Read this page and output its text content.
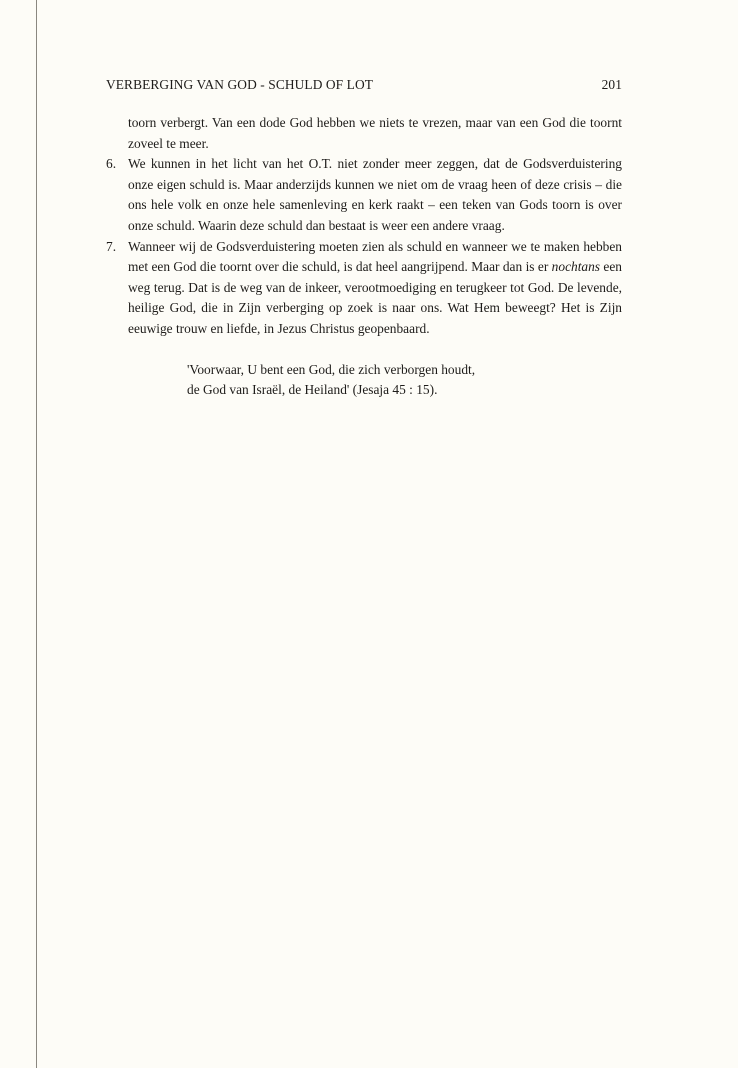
VERBERGING VAN GOD - SCHULD OF LOT	201

toorn verbergt. Van een dode God hebben we niets te vrezen, maar van een God die toornt zoveel te meer.

6. We kunnen in het licht van het O.T. niet zonder meer zeggen, dat de Godsverduistering onze eigen schuld is. Maar anderzijds kunnen we niet om de vraag heen of deze crisis – die ons hele volk en onze hele samenleving en kerk raakt – een teken van Gods toorn is over onze schuld. Waarin deze schuld dan bestaat is weer een andere vraag.

7. Wanneer wij de Godsverduistering moeten zien als schuld en wanneer we te maken hebben met een God die toornt over die schuld, is dat heel aangrijpend. Maar dan is er nochtans een weg terug. Dat is de weg van de inkeer, verootmoediging en terugkeer tot God. De levende, heilige God, die in Zijn verberging op zoek is naar ons. Wat Hem beweegt? Het is Zijn eeuwige trouw en liefde, in Jezus Christus geopenbaard.

'Voorwaar, U bent een God, die zich verborgen houdt,
de God van Israël, de Heiland' (Jesaja 45 : 15).
